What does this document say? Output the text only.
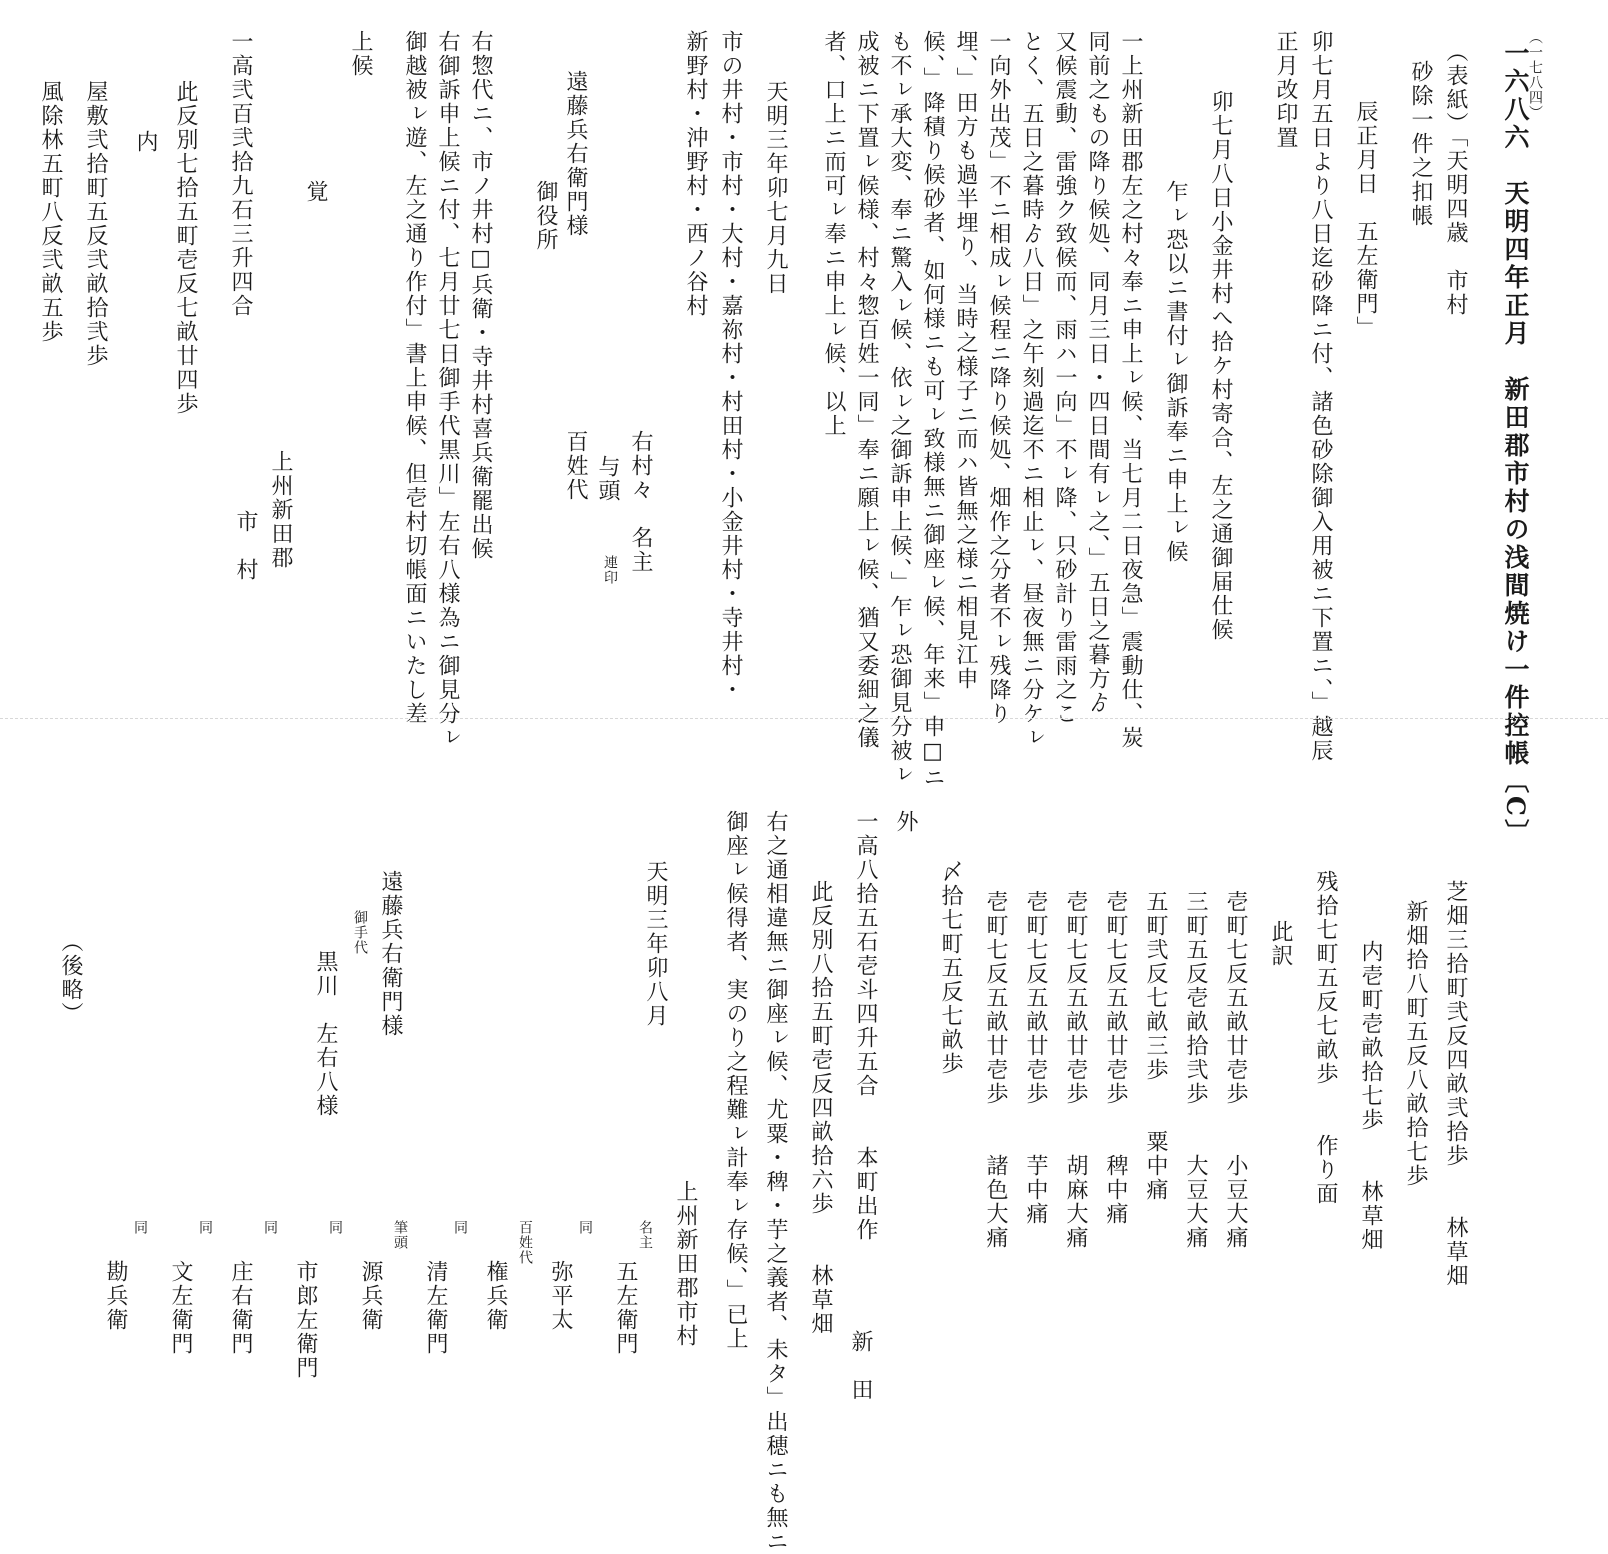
一六八六　天明四年正月　新田郡市村の浅間焼け一件控帳〔C〕
（一七八四）
（表紙）「天明四歳　市村
砂除一件之扣帳
辰正月日　五左衛門」
卯七月五日より八日迄砂降ニ付、諸色砂除御入用被ニ下置ニ、」越辰
正月改印置
卯七月八日小金井村へ拾ケ村寄合、左之通御届仕候
乍ㇾ恐以ニ書付ㇾ御訴奉ニ申上ㇾ候
一上州新田郡左之村々奉ニ申上ㇾ候、当七月二日夜急」震動仕、炭
同前之もの降り候処、同月三日・四日間有ㇾ之、」五日之暮方ゟ
又候震動、雷強ク致候而、雨ハ一向」不ㇾ降、只砂計り雷雨之こ
とく、五日之暮時ゟ八日」之午刻過迄不ニ相止ㇾ、昼夜無ニ分ケㇾ
一向外出茂」不ニ相成ㇾ候程ニ降り候処、畑作之分者不ㇾ残降り
埋、」田方も過半埋り、当時之様子ニ而ハ皆無之様ニ相見江申
候、」降積り候砂者、如何様ニも可ㇾ致様無ニ御座ㇾ候、年来」申□ニ
も不ㇾ承大変、奉ニ驚入ㇾ候、依ㇾ之御訴申上候、」乍ㇾ恐御見分被ㇾ
成被ニ下置ㇾ候様、村々惣百姓一同」奉ニ願上ㇾ候、猶又委細之儀
者、口上ニ而可ㇾ奉ニ申上ㇾ候、以上
天明三年卯七月九日
市の井村・市村・大村・嘉祢村・村田村・小金井村・寺井村・
新野村・沖野村・西ノ谷村
右村々　名主
与頭
百姓代
連印
御役所 遠藤兵右衛門様
右惣代ニ、市ノ井村□兵衛・寺井村喜兵衛罷出候
右御訴申上候ニ付、七月廿七日御手代黒川」左右八様為ニ御見分ㇾ
御越被ㇾ遊、左之通り作付」書上申候、但壱村切帳面ニいたし差
上候
上州新田郡
市　村
覚
一高弐百弐拾九石三升四合
此反別七拾五町壱反七畝廿四歩
内
屋敷弐拾町五反弐畝拾弐歩
風除林五町八反弐畝五歩
芝畑三拾町弐反四畝弐拾歩　　林草畑
新畑拾八町五反八畝拾七歩
内壱町壱畝拾七歩　　林草畑
残拾七町五反七畝歩　　作り面
此訳
壱町七反五畝廿壱歩　　小豆大痛
三町五反壱畝拾弐歩　　大豆大痛
五町弐反七畝三歩　　粟中痛
壱町七反五畝廿壱歩　　稗中痛
壱町七反五畝廿壱歩　　胡麻大痛
壱町七反五畝廿壱歩　　芋中痛
壱町七反五畝廿壱歩　　諸色大痛
〆拾七町五反七畝歩
外
一高八拾五石壱斗四升五合　　本町出作
新　田
此反別八拾五町壱反四畝拾六歩　　林草畑
右之通相違無ニ御座ㇾ候、尤粟・稗・芋之義者、未タ」出穂ニも無ニ
御座ㇾ候得者、実のり之程難ㇾ計奉ㇾ存候、」已上
上州新田郡市村
天明三年卯八月
名主
五左衛門
同
弥平太
百姓代
権兵衛
同
清左衛門
筆頭
源兵衛
同
市郎左衛門
同
庄右衛門
同
文左衛門
同
勘兵衛
遠藤兵右衛門様
御手代
黒川　左右八様
（後略）
